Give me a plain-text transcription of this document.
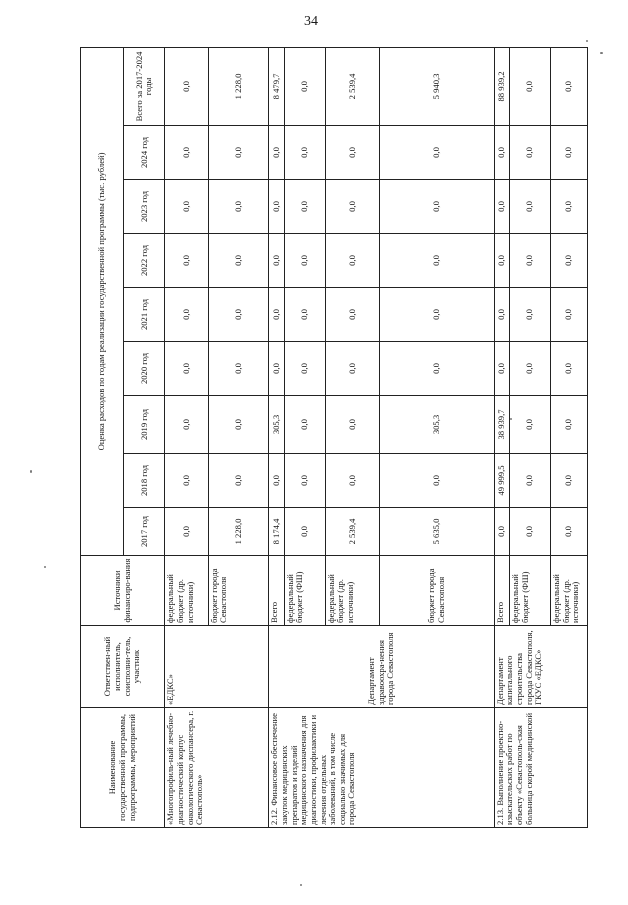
34
Наименование государственной программы, подпрограммы, мероприятий	Ответствен-ный исполнитель, соисполни-тель, участник	Источники финансиро-вания	Оценка расходов по годам реализации государственной программы (тыс. рублей)								
			2017 год	2018 год	2019 год	2020 год	2021 год	2022 год	2023 год	2024 год	Всего за 2017-2024 годы
«Многопрофиль-ный лечебно-диагностический корпус онкологического диспансера, г. Севастополь»	«ЕДКС»	федеральный бюджет (др. источники)	0,0	0,0	0,0	0,0	0,0	0,0	0,0	0,0	0,0
		бюджет города Севастополя	1 228,0	0,0	0,0	0,0	0,0	0,0	0,0	0,0	1 228,0
2.12. Финансовое обеспечение закупок медицинских препаратов и изделий медицинского назначения для диагностики, профилактики и лечения отдельных заболеваний, в том числе социально значимых для города Севастополя	Департамент здравоохра-нения города Севастополя	Всего	8 174,4	0,0	305,3	0,0	0,0	0,0	0,0	0,0	8 479,7
		федеральный бюджет (ФШ)	0,0	0,0	0,0	0,0	0,0	0,0	0,0	0,0	0,0
		федеральный бюджет (др. источники)	2 539,4	0,0	0,0	0,0	0,0	0,0	0,0	0,0	2 539,4
		бюджет города Севастополя	5 635,0	0,0	305,3	0,0	0,0	0,0	0,0	0,0	5 940,3
2.13. Выполнение проектно-изыскательских работ по объекту «Севастополь-ская больница скорой медицинской	Департамент капитального строительства города Севастополя, ГКУС «ЕДКС»	Всего	0,0	49 999,5	38 939,7	0,0	0,0	0,0	0,0	0,0	88 939,2
		федеральный бюджет (ФШ)	0,0	0,0	0,0	0,0	0,0	0,0	0,0	0,0	0,0
		федеральный бюджет (др. источники)	0,0	0,0	0,0	0,0	0,0	0,0	0,0	0,0	0,0
